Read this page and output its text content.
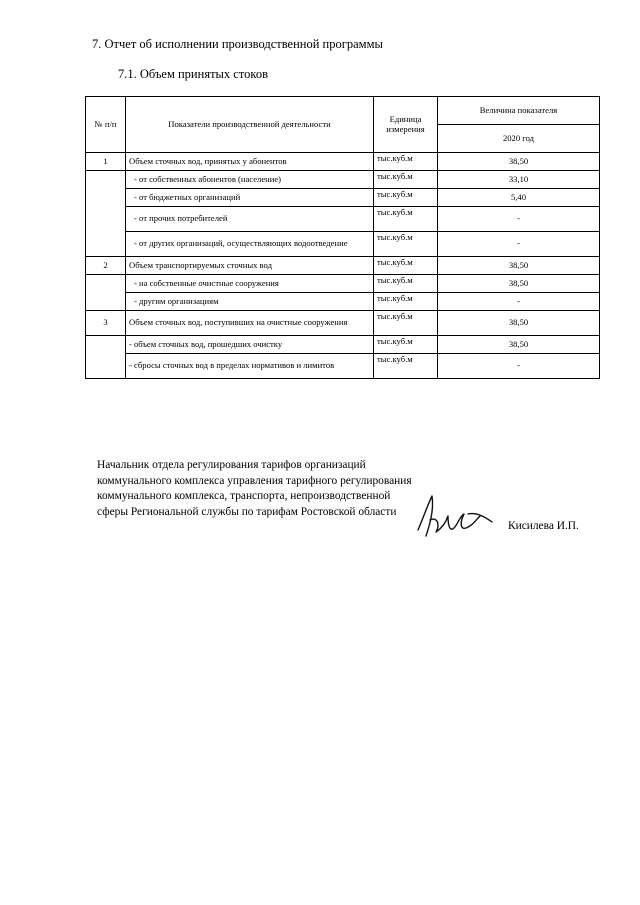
7. Отчет об исполнении производственной программы
7.1. Объем принятых стоков
№ п/п	Показатели производственной деятельности	Единица измерения	Величина показателя
			2020 год
1	Объем сточных вод, принятых у абонентов	тыс.куб.м	38,50
	- от собственных абонентов (население)	тыс.куб.м	33,10
	- от бюджетных организаций	тыс.куб.м	5,40
	- от прочих потребителей	тыс.куб.м	-
	- от других организаций, осуществляющих водоотведение	тыс.куб.м	-
2	Объем транспортируемых сточных вод	тыс.куб.м	38,50
	- на собственные очистные сооружения	тыс.куб.м	38,50
	- другим организациям	тыс.куб.м	-
3	Объем сточных вод, поступивших на очистные сооружения	тыс.куб.м	38,50
	- объем сточных вод, прошедших очистку	тыс.куб.м	38,50
	- сбросы сточных вод в пределах нормативов и лимитов	тыс.куб.м	-
Начальник отдела регулирования тарифов организаций коммунального комплекса управления тарифного регулирования коммунального комплекса, транспорта, непроизводственной сферы Региональной службы по тарифам Ростовской области
Кисилева И.П.
